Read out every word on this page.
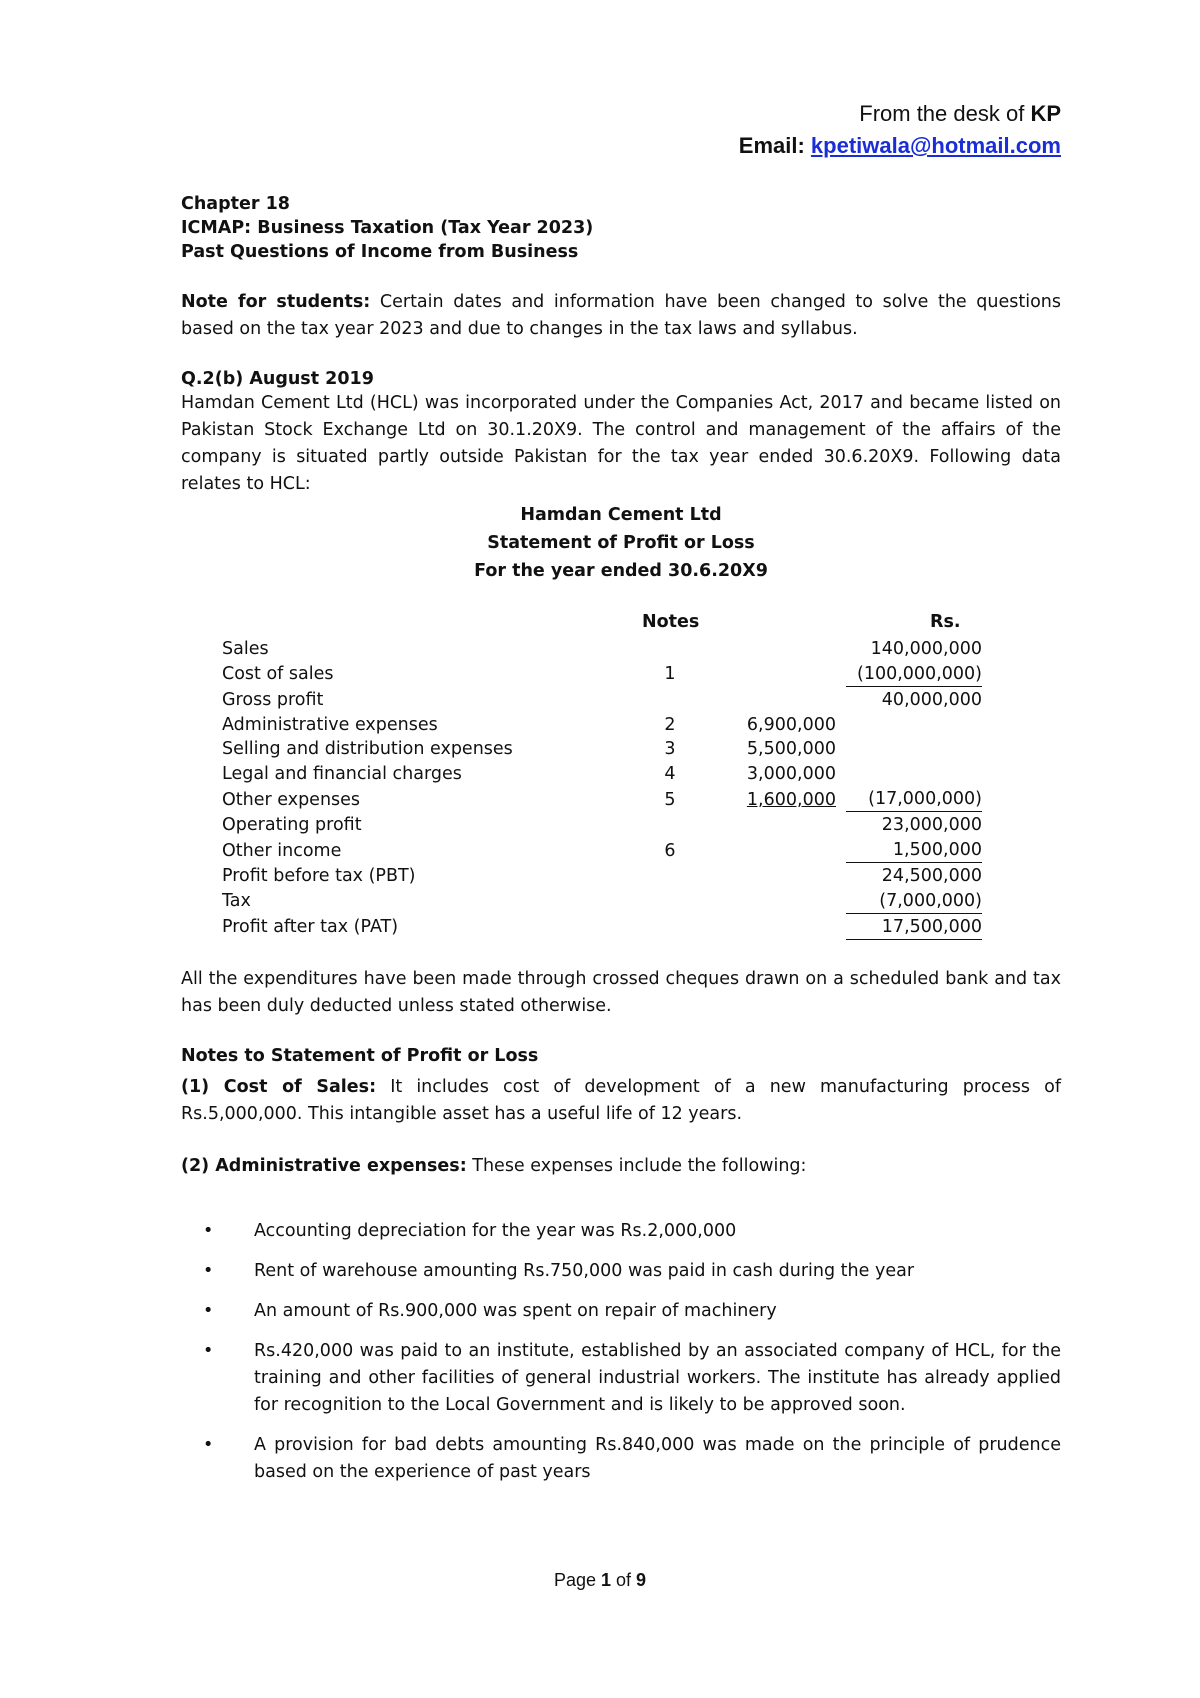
From the desk of KP
Email: kpetiwala@hotmail.com
Chapter 18
ICMAP: Business Taxation (Tax Year 2023)
Past Questions of Income from Business
Note for students: Certain dates and information have been changed to solve the questions based on the tax year 2023 and due to changes in the tax laws and syllabus.
Q.2(b) August 2019
Hamdan Cement Ltd (HCL) was incorporated under the Companies Act, 2017 and became listed on Pakistan Stock Exchange Ltd on 30.1.20X9. The control and management of the affairs of the company is situated partly outside Pakistan for the tax year ended 30.6.20X9. Following data relates to HCL:
Hamdan Cement Ltd
Statement of Profit or Loss
For the year ended 30.6.20X9
Notes	Rs.
Sales				140,000,000
Cost of sales	1			(100,000,000)
Gross profit				40,000,000
Administrative expenses	2	6,900,000		
Selling and distribution expenses	3	5,500,000		
Legal and financial charges	4	3,000,000		
Other expenses	5	1,600,000		(17,000,000)
Operating profit				23,000,000
Other income	6			1,500,000
Profit before tax (PBT)				24,500,000
Tax				(7,000,000)
Profit after tax (PAT)				17,500,000
All the expenditures have been made through crossed cheques drawn on a scheduled bank and tax has been duly deducted unless stated otherwise.
Notes to Statement of Profit or Loss
(1) Cost of Sales: It includes cost of development of a new manufacturing process of Rs.5,000,000. This intangible asset has a useful life of 12 years.
(2) Administrative expenses: These expenses include the following:
• Accounting depreciation for the year was Rs.2,000,000
• Rent of warehouse amounting Rs.750,000 was paid in cash during the year
• An amount of Rs.900,000 was spent on repair of machinery
• Rs.420,000 was paid to an institute, established by an associated company of HCL, for the training and other facilities of general industrial workers. The institute has already applied for recognition to the Local Government and is likely to be approved soon.
• A provision for bad debts amounting Rs.840,000 was made on the principle of prudence based on the experience of past years
Page 1 of 9
